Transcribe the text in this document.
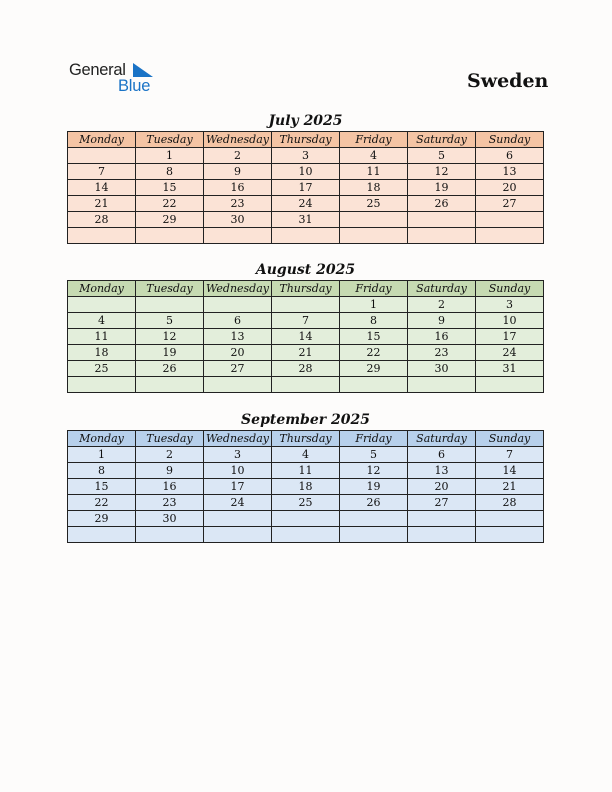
General
Blue	Sweden
July 2025
Monday	Tuesday	Wednesday	Thursday	Friday	Saturday	Sunday
	1	2	3	4	5	6
7	8	9	10	11	12	13
14	15	16	17	18	19	20
21	22	23	24	25	26	27
28	29	30	31			

August 2025
Monday	Tuesday	Wednesday	Thursday	Friday	Saturday	Sunday
				1	2	3
4	5	6	7	8	9	10
11	12	13	14	15	16	17
18	19	20	21	22	23	24
25	26	27	28	29	30	31

September 2025
Monday	Tuesday	Wednesday	Thursday	Friday	Saturday	Sunday
1	2	3	4	5	6	7
8	9	10	11	12	13	14
15	16	17	18	19	20	21
22	23	24	25	26	27	28
29	30					
